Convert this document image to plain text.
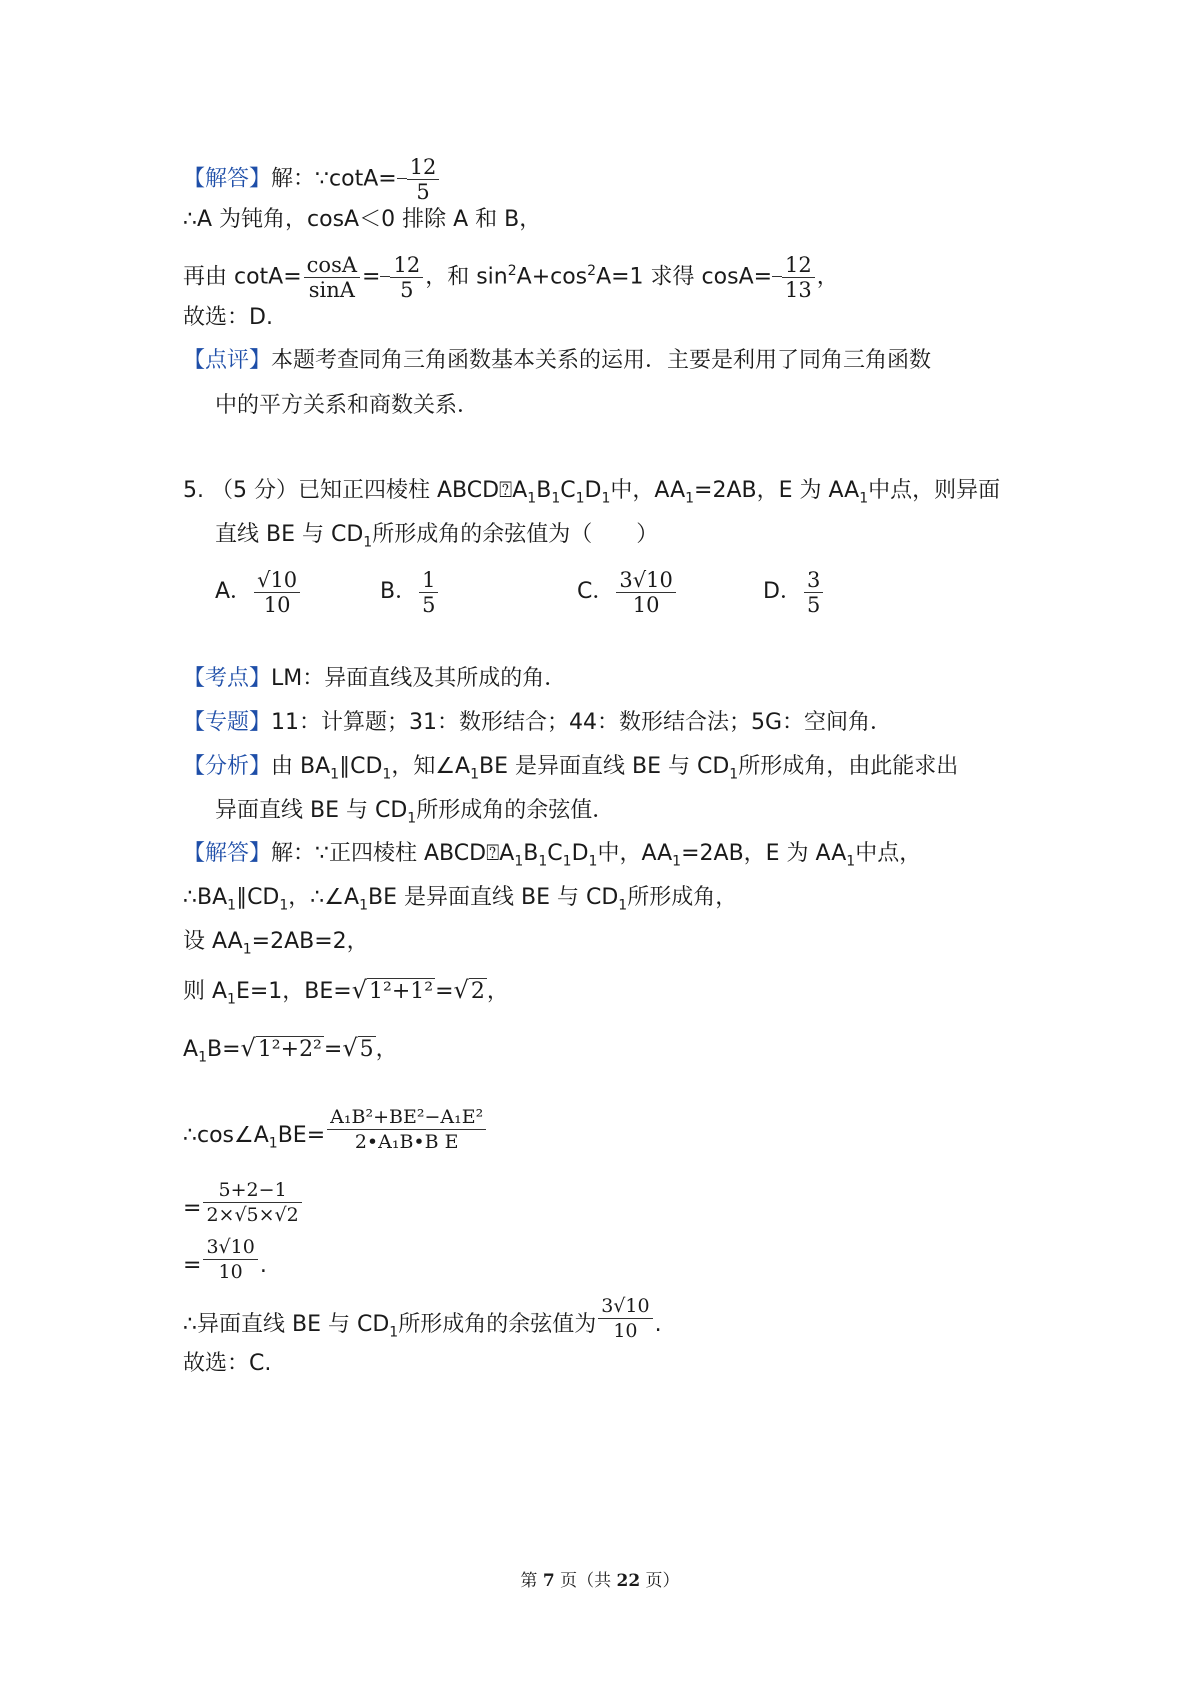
【解答】解：∵cotA= $\frac{12}{5}$
∴A 为钝角，cosA＜0 排除 A 和 B，
再由 $\cot A= \frac{\cos A}{\sin A} = \frac{12}{5}$ ，和 $\sin^2A+\cos^2A=1$ 求得 $\cos A= \frac{12}{13}$ ，
故选：D.
【点评】本题考查同角三角函数基本关系的运用．主要是利用了同角三角函数
中的平方关系和商数关系．
5. （5 分）已知正四棱柱 $ABCD⍰A_1B_1C_1D_1$中，$AA_1=2AB$，E 为 $AA_1$中点，则异面
直线 BE 与 $CD_1$所形成角的余弦值为（　　）
A． $\frac{√10}{10}$	B． $\frac{1}{5}$	C． $\frac{3√10}{10}$	D． $\frac{3}{5}$
【考点】LM：异面直线及其所成的角．
【专题】11：计算题；31：数形结合；44：数形结合法；5G：空间角．
【分析】由 $BA_1\parallel CD_1$，知$\angle A_1BE$ 是异面直线 BE 与 $CD_1$所形成角，由此能求出
异面直线 BE 与 $CD_1$所形成角的余弦值．
【解答】解：∵正四棱柱 $ABCD⍰A_1B_1C_1D_1$中，$AA_1=2AB$，E 为 $AA_1$中点，
$\therefore BA_1\parallel CD_1$，$\therefore\angle A_1BE$ 是异面直线 BE 与 $CD_1$所形成角，
设 $AA_1=2AB=2$，
则 $A_1E=1$，BE=√1²+1²=√2，
$A_1B=√1^2+2^2=√5$，
$\therefore\cos\angle A_1BE= \frac{\text{A₁B²+BE²−A₁E²}}{\text{2•A₁B•B E}}$
= $\frac{5+2-1}{2\times√5\times√2}$
= $\frac{3√10}{10}$ .
∴异面直线 BE 与 $CD_1$所形成角的余弦值为 $\frac{3√10}{10}$ .
故选：C.
第 7 页（共 22 页）
